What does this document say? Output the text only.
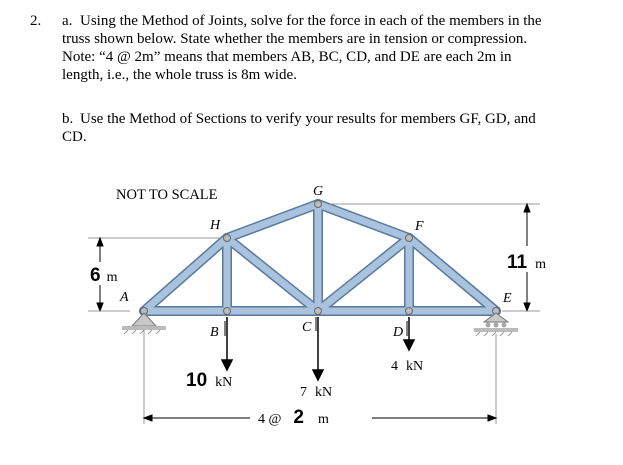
2. a. Using the Method of Joints, solve for the force in each of the members in the
truss shown below. State whether the members are in tension or compression.
Note: “4 @ 2m” means that members AB, BC, CD, and DE are each 2m in
length, i.e., the whole truss is 8m wide.
b. Use the Method of Sections to verify your results for members GF, GD, and
CD.
NOT TO SCALE
A
B	C	D
E
F
G
H
10 kN
7 kN
4 kN
6 m
11 m
4 @ 2 m
